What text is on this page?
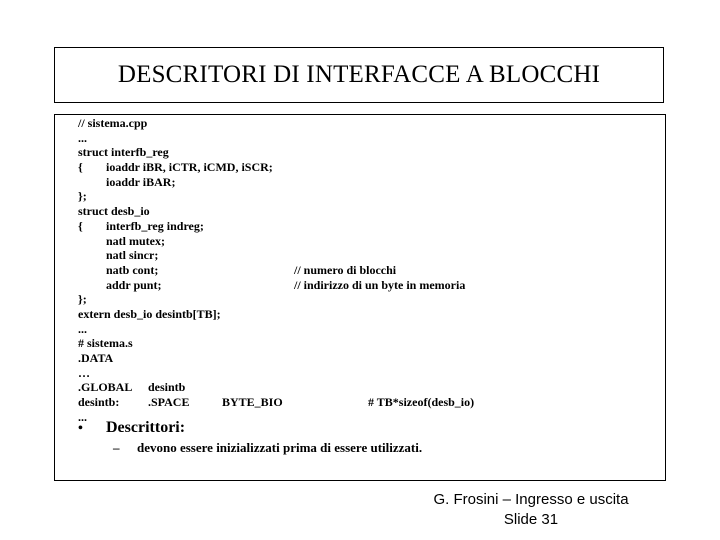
DESCRITORI DI INTERFACCE A BLOCCHI
// sistema.cpp
...
struct interfb_reg
{ ioaddr iBR, iCTR, iCMD, iSCR;
ioaddr iBAR;
};
struct desb_io
{ interfb_reg indreg;
natl mutex;
natl sincr;
natb cont;	// numero di blocchi
addr punt;	// indirizzo di un byte in memoria
};
extern desb_io desintb[TB];
...
# sistema.s
.DATA
…
.GLOBAL desintb
desintb: .SPACE	BYTE_BIO	# TB*sizeof(desb_io)
...
• Descrittori:
– devono essere inizializzati prima di essere utilizzati.
G. Frosini – Ingresso e uscita
Slide 31
